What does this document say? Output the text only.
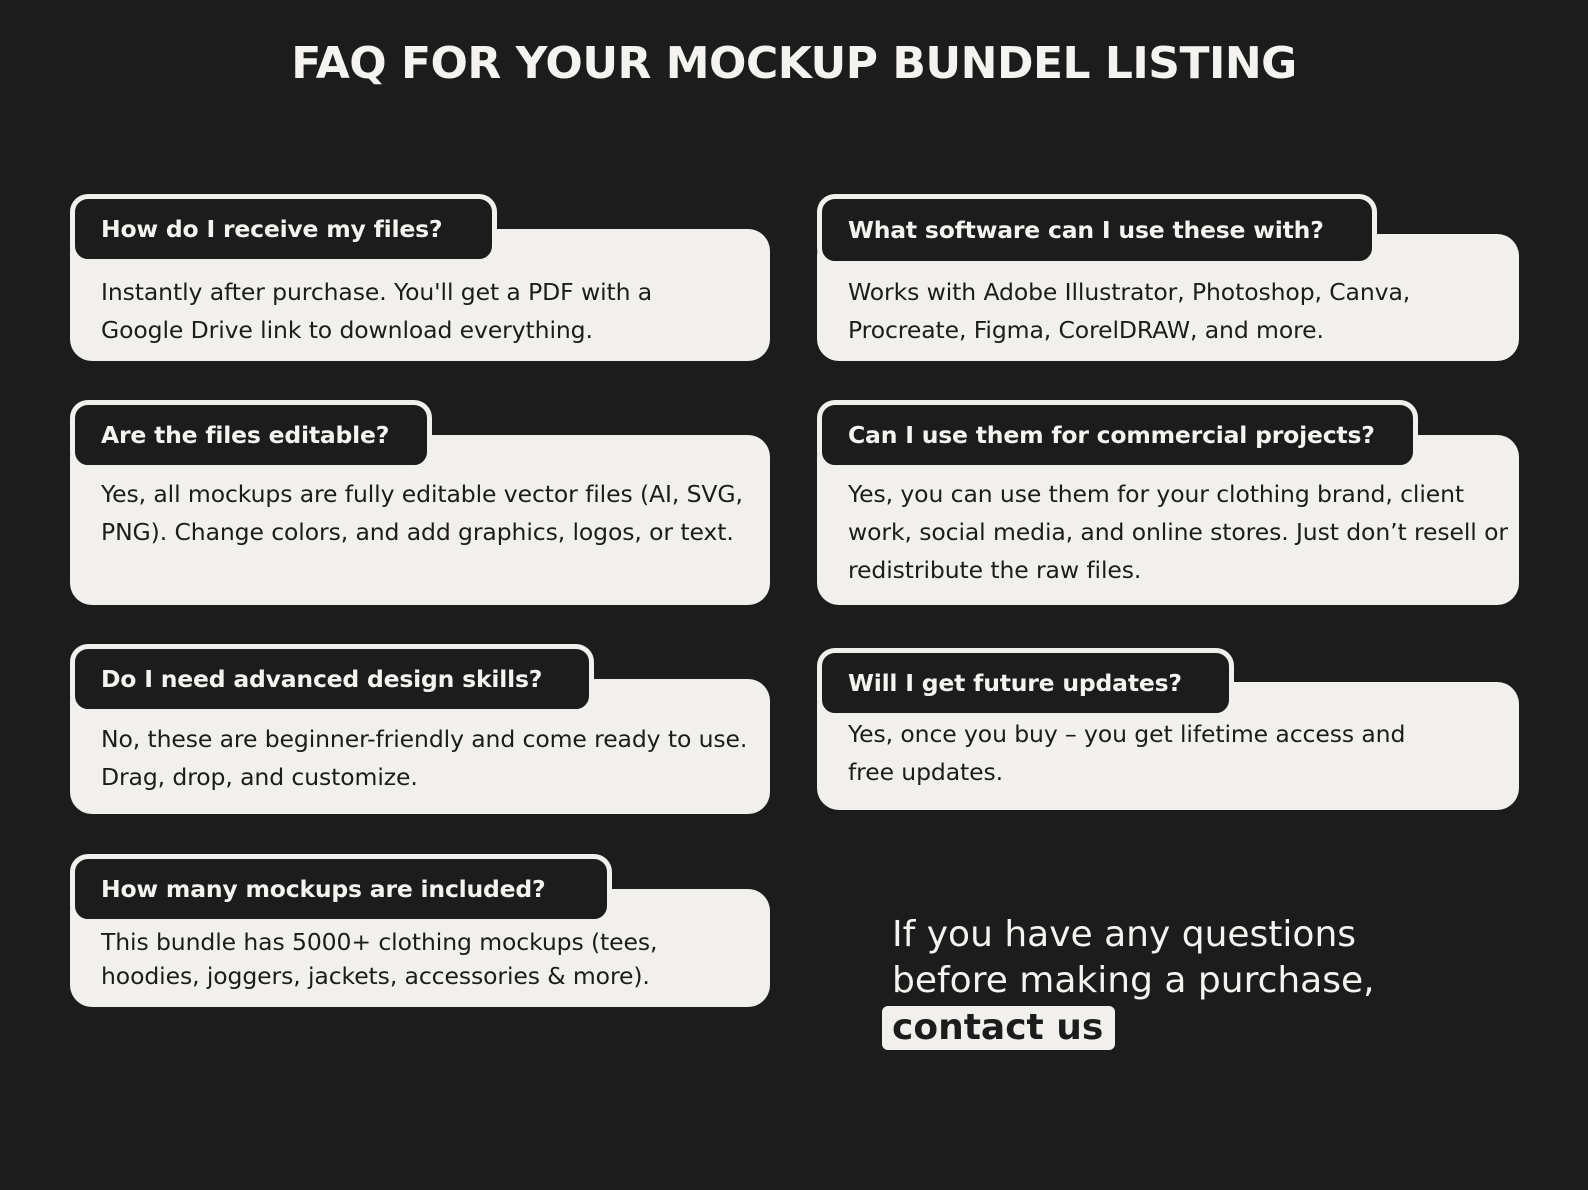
FAQ FOR YOUR MOCKUP BUNDEL LISTING

Instantly after purchase. You'll get a PDF with a Google Drive link to download everything.

How do I receive my files?

Works with Adobe Illustrator, Photoshop, Canva, Procreate, Figma, CorelDRAW, and more.

What software can I use these with?

Yes, all mockups are fully editable vector files (AI, SVG, PNG). Change colors, and add graphics, logos, or text.

Are the files editable?

Yes, you can use them for your clothing brand, client work, social media, and online stores. Just don’t resell or redistribute the raw files.

Can I use them for commercial projects?

No, these are beginner-friendly and come ready to use. Drag, drop, and customize.

Do I need advanced design skills?

Yes, once you buy – you get lifetime access and free updates.

Will I get future updates?

This bundle has 5000+ clothing mockups (tees, hoodies, joggers, jackets, accessories & more).

How many mockups are included?
If you have any questions
before making a purchase,
contact us
